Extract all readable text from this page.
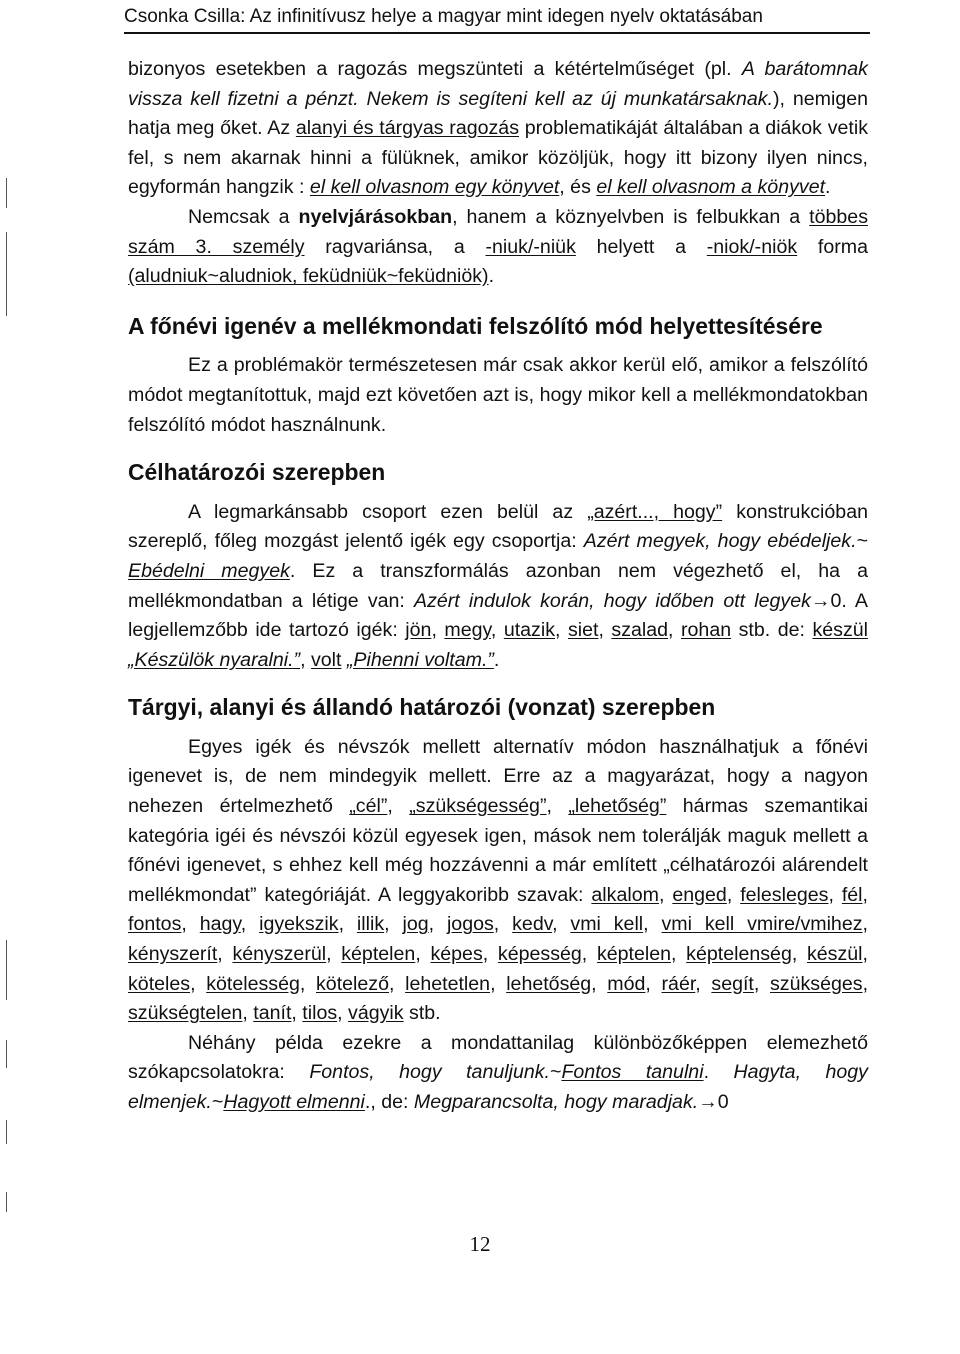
Csonka Csilla: Az infinitívusz helye a magyar mint idegen nyelv oktatásában

bizonyos esetekben a ragozás megszünteti a kétértelműséget (pl. A barátomnak vissza kell fizetni a pénzt. Nekem is segíteni kell az új munkatársaknak.), nemigen hatja meg őket. Az alanyi és tárgyas ragozás problematikáját általában a diákok vetik fel, s nem akarnak hinni a fülüknek, amikor közöljük, hogy itt bizony ilyen nincs, egyformán hangzik : el kell olvasnom egy könyvet, és el kell olvasnom a könyvet.

Nemcsak a nyelvjárásokban, hanem a köznyelvben is felbukkan a többes szám 3. személy ragvariánsa, a -niuk/-niük helyett a -niok/-niök forma (aludniuk~aludniok, feküdniük~feküdniök).

A főnévi igenév a mellékmondati felszólító mód helyettesítésére

Ez a problémakör természetesen már csak akkor kerül elő, amikor a felszólító módot megtanítottuk, majd ezt követően azt is, hogy mikor kell a mellékmondatokban felszólító módot használnunk.

Célhatározói szerepben

A legmarkánsabb csoport ezen belül az „azért..., hogy” konstrukcióban szereplő, főleg mozgást jelentő igék egy csoportja: Azért megyek, hogy ebédeljek.~ Ebédelni megyek. Ez a transzformálás azonban nem végezhető el, ha a mellékmondatban a létige van: Azért indulok korán, hogy időben ott legyek→0. A legjellemzőbb ide tartozó igék: jön, megy, utazik, siet, szalad, rohan stb. de: készül „Készülök nyaralni.”, volt „Pihenni voltam.”.

Tárgyi, alanyi és állandó határozói (vonzat) szerepben

Egyes igék és névszók mellett alternatív módon használhatjuk a főnévi igenevet is, de nem mindegyik mellett. Erre az a magyarázat, hogy a nagyon nehezen értelmezhető „cél”, „szükségesség”, „lehetőség” hármas szemantikai kategória igéi és névszói közül egyesek igen, mások nem tolerálják maguk mellett a főnévi igenevet, s ehhez kell még hozzávenni a már említett „célhatározói alárendelt mellékmondat” kategóriáját. A leggyakoribb szavak: alkalom, enged, felesleges, fél, fontos, hagy, igyekszik, illik, jog, jogos, kedv, vmi kell, vmi kell vmire/vmihez, kényszerít, kényszerül, képtelen, képes, képesség, képtelen, képtelenség, készül, köteles, kötelesség, kötelező, lehetetlen, lehetőség, mód, ráér, segít, szükséges, szükségtelen, tanít, tilos, vágyik stb.

Néhány példa ezekre a mondattanilag különbözőképpen elemezhető szókapcsolatokra: Fontos, hogy tanuljunk.~Fontos tanulni. Hagyta, hogy elmenjek.~Hagyott elmenni., de: Megparancsolta, hogy maradjak.→0

12
